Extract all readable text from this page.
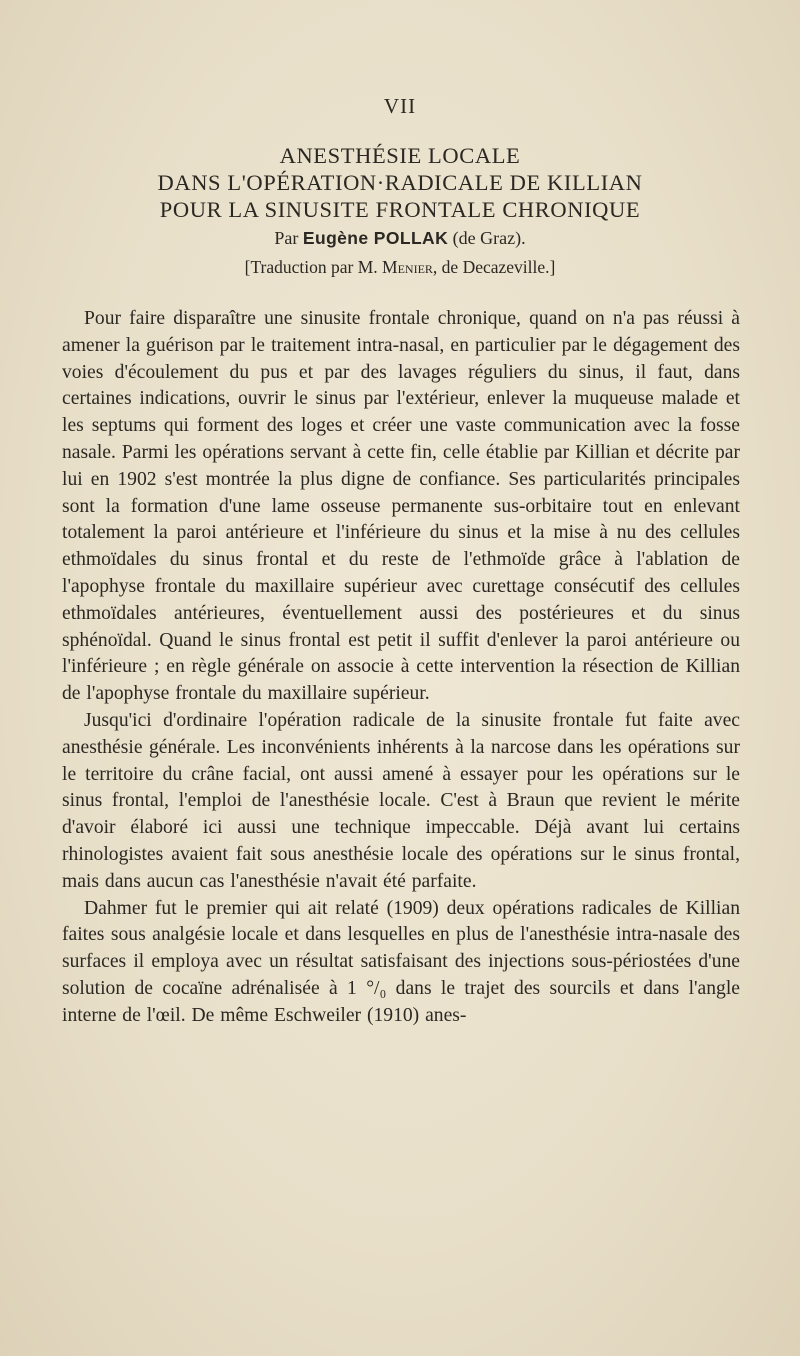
VII
ANESTHÉSIE LOCALE
DANS L'OPÉRATION·RADICALE DE KILLIAN
POUR LA SINUSITE FRONTALE CHRONIQUE
Par Eugène POLLAK (de Graz).
[Traduction par M. Menier, de Decazeville.]

Pour faire disparaître une sinusite frontale chronique, quand on n'a pas réussi à amener la guérison par le traitement intra-nasal, en particulier par le dégagement des voies d'écoulement du pus et par des lavages réguliers du sinus, il faut, dans certaines indications, ouvrir le sinus par l'extérieur, enlever la muqueuse malade et les septums qui forment des loges et créer une vaste communication avec la fosse nasale. Parmi les opérations servant à cette fin, celle établie par Killian et décrite par lui en 1902 s'est montrée la plus digne de confiance. Ses particularités principales sont la formation d'une lame osseuse permanente sus-orbitaire tout en enlevant totalement la paroi antérieure et l'inférieure du sinus et la mise à nu des cellules ethmoïdales du sinus frontal et du reste de l'ethmoïde grâce à l'ablation de l'apophyse frontale du maxillaire supérieur avec curettage consécutif des cellules ethmoïdales antérieures, éventuellement aussi des postérieures et du sinus sphénoïdal. Quand le sinus frontal est petit il suffit d'enlever la paroi antérieure ou l'inférieure ; en règle générale on associe à cette intervention la résection de Killian de l'apophyse frontale du maxillaire supérieur.

Jusqu'ici d'ordinaire l'opération radicale de la sinusite frontale fut faite avec anesthésie générale. Les inconvénients inhérents à la narcose dans les opérations sur le territoire du crâne facial, ont aussi amené à essayer pour les opérations sur le sinus frontal, l'emploi de l'anesthésie locale. C'est à Braun que revient le mérite d'avoir élaboré ici aussi une technique impeccable. Déjà avant lui certains rhinologistes avaient fait sous anesthésie locale des opérations sur le sinus frontal, mais dans aucun cas l'anesthésie n'avait été parfaite.

Dahmer fut le premier qui ait relaté (1909) deux opérations radicales de Killian faites sous analgésie locale et dans lesquelles en plus de l'anesthésie intra-nasale des surfaces il employa avec un résultat satisfaisant des injections sous-périostées d'une solution de cocaïne adrénalisée à 1 °/₀ dans le trajet des sourcils et dans l'angle interne de l'œil. De même Eschweiler (1910) anes-
